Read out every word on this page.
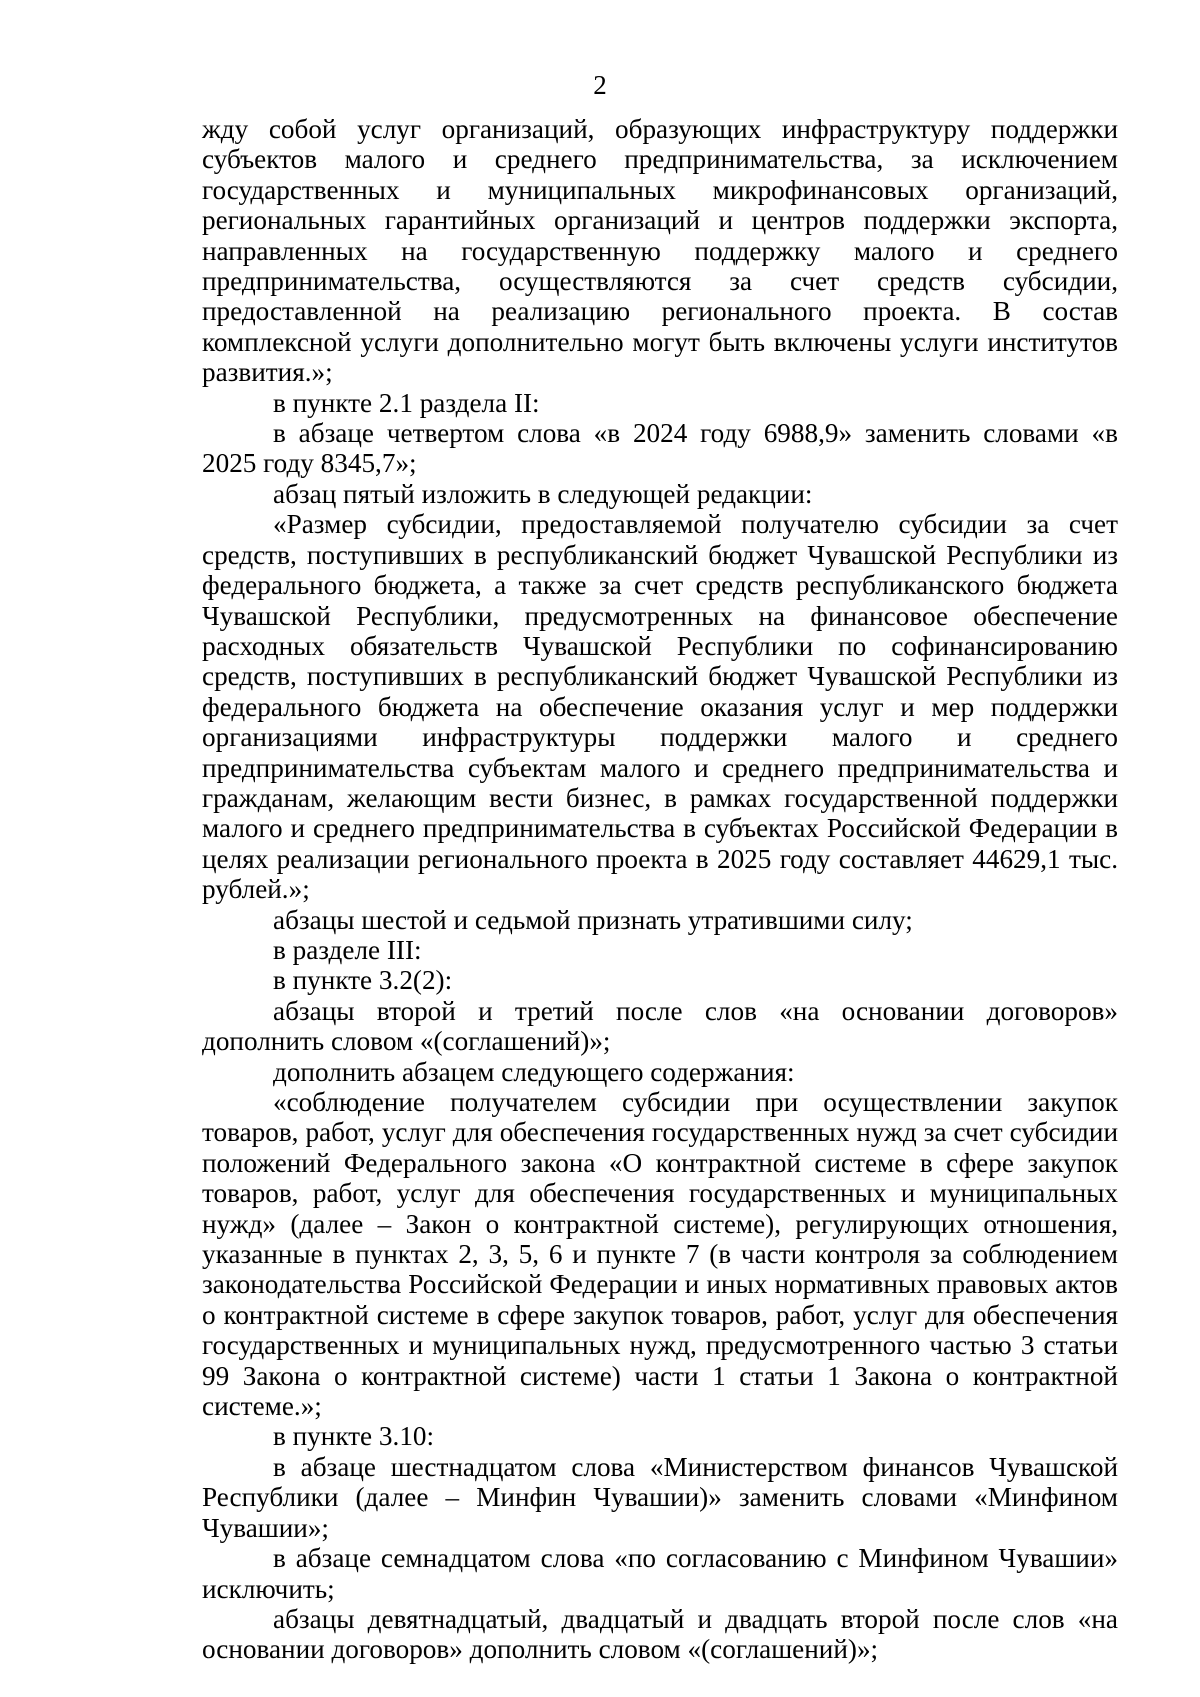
2

жду собой услуг организаций, образующих инфраструктуру поддержки субъектов малого и среднего предпринимательства, за исключением государственных и муниципальных микрофинансовых организаций, региональных гарантийных организаций и центров поддержки экспорта, направленных на государственную поддержку малого и среднего предпринимательства, осуществляются за счет средств субсидии, предоставленной на реализацию регионального проекта. В состав комплексной услуги дополнительно могут быть включены услуги институтов развития.»;

в пункте 2.1 раздела II:

в абзаце четвертом слова «в 2024 году 6988,9» заменить словами «в 2025 году 8345,7»;

абзац пятый изложить в следующей редакции:

«Размер субсидии, предоставляемой получателю субсидии за счет средств, поступивших в республиканский бюджет Чувашской Республики из федерального бюджета, а также за счет средств республиканского бюджета Чувашской Республики, предусмотренных на финансовое обеспечение расходных обязательств Чувашской Республики по софинансированию средств, поступивших в республиканский бюджет Чувашской Республики из федерального бюджета на обеспечение оказания услуг и мер поддержки организациями инфраструктуры поддержки малого и среднего предпринимательства субъектам малого и среднего предпринимательства и гражданам, желающим вести бизнес, в рамках государственной поддержки малого и среднего предпринимательства в субъектах Российской Федерации в целях реализации регионального проекта в 2025 году составляет 44629,1 тыс. рублей.»;

абзацы шестой и седьмой признать утратившими силу;

в разделе III:

в пункте 3.2(2):

абзацы второй и третий после слов «на основании договоров» дополнить словом «(соглашений)»;

дополнить абзацем следующего содержания:

«соблюдение получателем субсидии при осуществлении закупок товаров, работ, услуг для обеспечения государственных нужд за счет субсидии положений Федерального закона «О контрактной системе в сфере закупок товаров, работ, услуг для обеспечения государственных и муниципальных нужд» (далее – Закон о контрактной системе), регулирующих отношения, указанные в пунктах 2, 3, 5, 6 и пункте 7 (в части контроля за соблюдением законодательства Российской Федерации и иных нормативных правовых актов о контрактной системе в сфере закупок товаров, работ, услуг для обеспечения государственных и муниципальных нужд, предусмотренного частью 3 статьи 99 Закона о контрактной системе) части 1 статьи 1 Закона о контрактной системе.»;

в пункте 3.10:

в абзаце шестнадцатом слова «Министерством финансов Чувашской Республики (далее – Минфин Чувашии)» заменить словами «Минфином Чувашии»;

в абзаце семнадцатом слова «по согласованию с Минфином Чувашии» исключить;

абзацы девятнадцатый, двадцатый и двадцать второй после слов «на основании договоров» дополнить словом «(соглашений)»;
